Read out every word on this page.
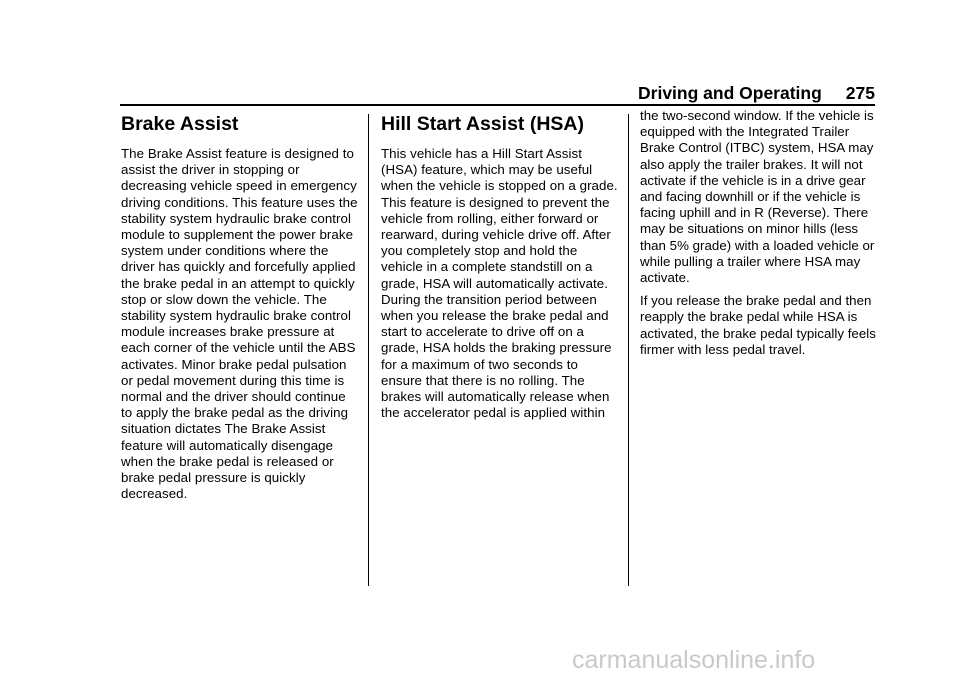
Driving and Operating 275
Brake Assist

The Brake Assist feature is designed to assist the driver in stopping or decreasing vehicle speed in emergency driving conditions. This feature uses the stability system hydraulic brake control module to supplement the power brake system under conditions where the driver has quickly and forcefully applied the brake pedal in an attempt to quickly stop or slow down the vehicle. The stability system hydraulic brake control module increases brake pressure at each corner of the vehicle until the ABS activates. Minor brake pedal pulsation or pedal movement during this time is normal and the driver should continue to apply the brake pedal as the driving situation dictates The Brake Assist feature will automatically disengage when the brake pedal is released or brake pedal pressure is quickly decreased.

Hill Start Assist (HSA)

This vehicle has a Hill Start Assist (HSA) feature, which may be useful when the vehicle is stopped on a grade. This feature is designed to prevent the vehicle from rolling, either forward or rearward, during vehicle drive off. After you completely stop and hold the vehicle in a complete standstill on a grade, HSA will automatically activate. During the transition period between when you release the brake pedal and start to accelerate to drive off on a grade, HSA holds the braking pressure for a maximum of two seconds to ensure that there is no rolling. The brakes will automatically release when the accelerator pedal is applied within

the two-second window. If the vehicle is equipped with the Integrated Trailer Brake Control (ITBC) system, HSA may also apply the trailer brakes. It will not activate if the vehicle is in a drive gear and facing downhill or if the vehicle is facing uphill and in R (Reverse). There may be situations on minor hills (less than 5% grade) with a loaded vehicle or while pulling a trailer where HSA may activate.

If you release the brake pedal and then reapply the brake pedal while HSA is activated, the brake pedal typically feels firmer with less pedal travel.

carmanualsonline.info
